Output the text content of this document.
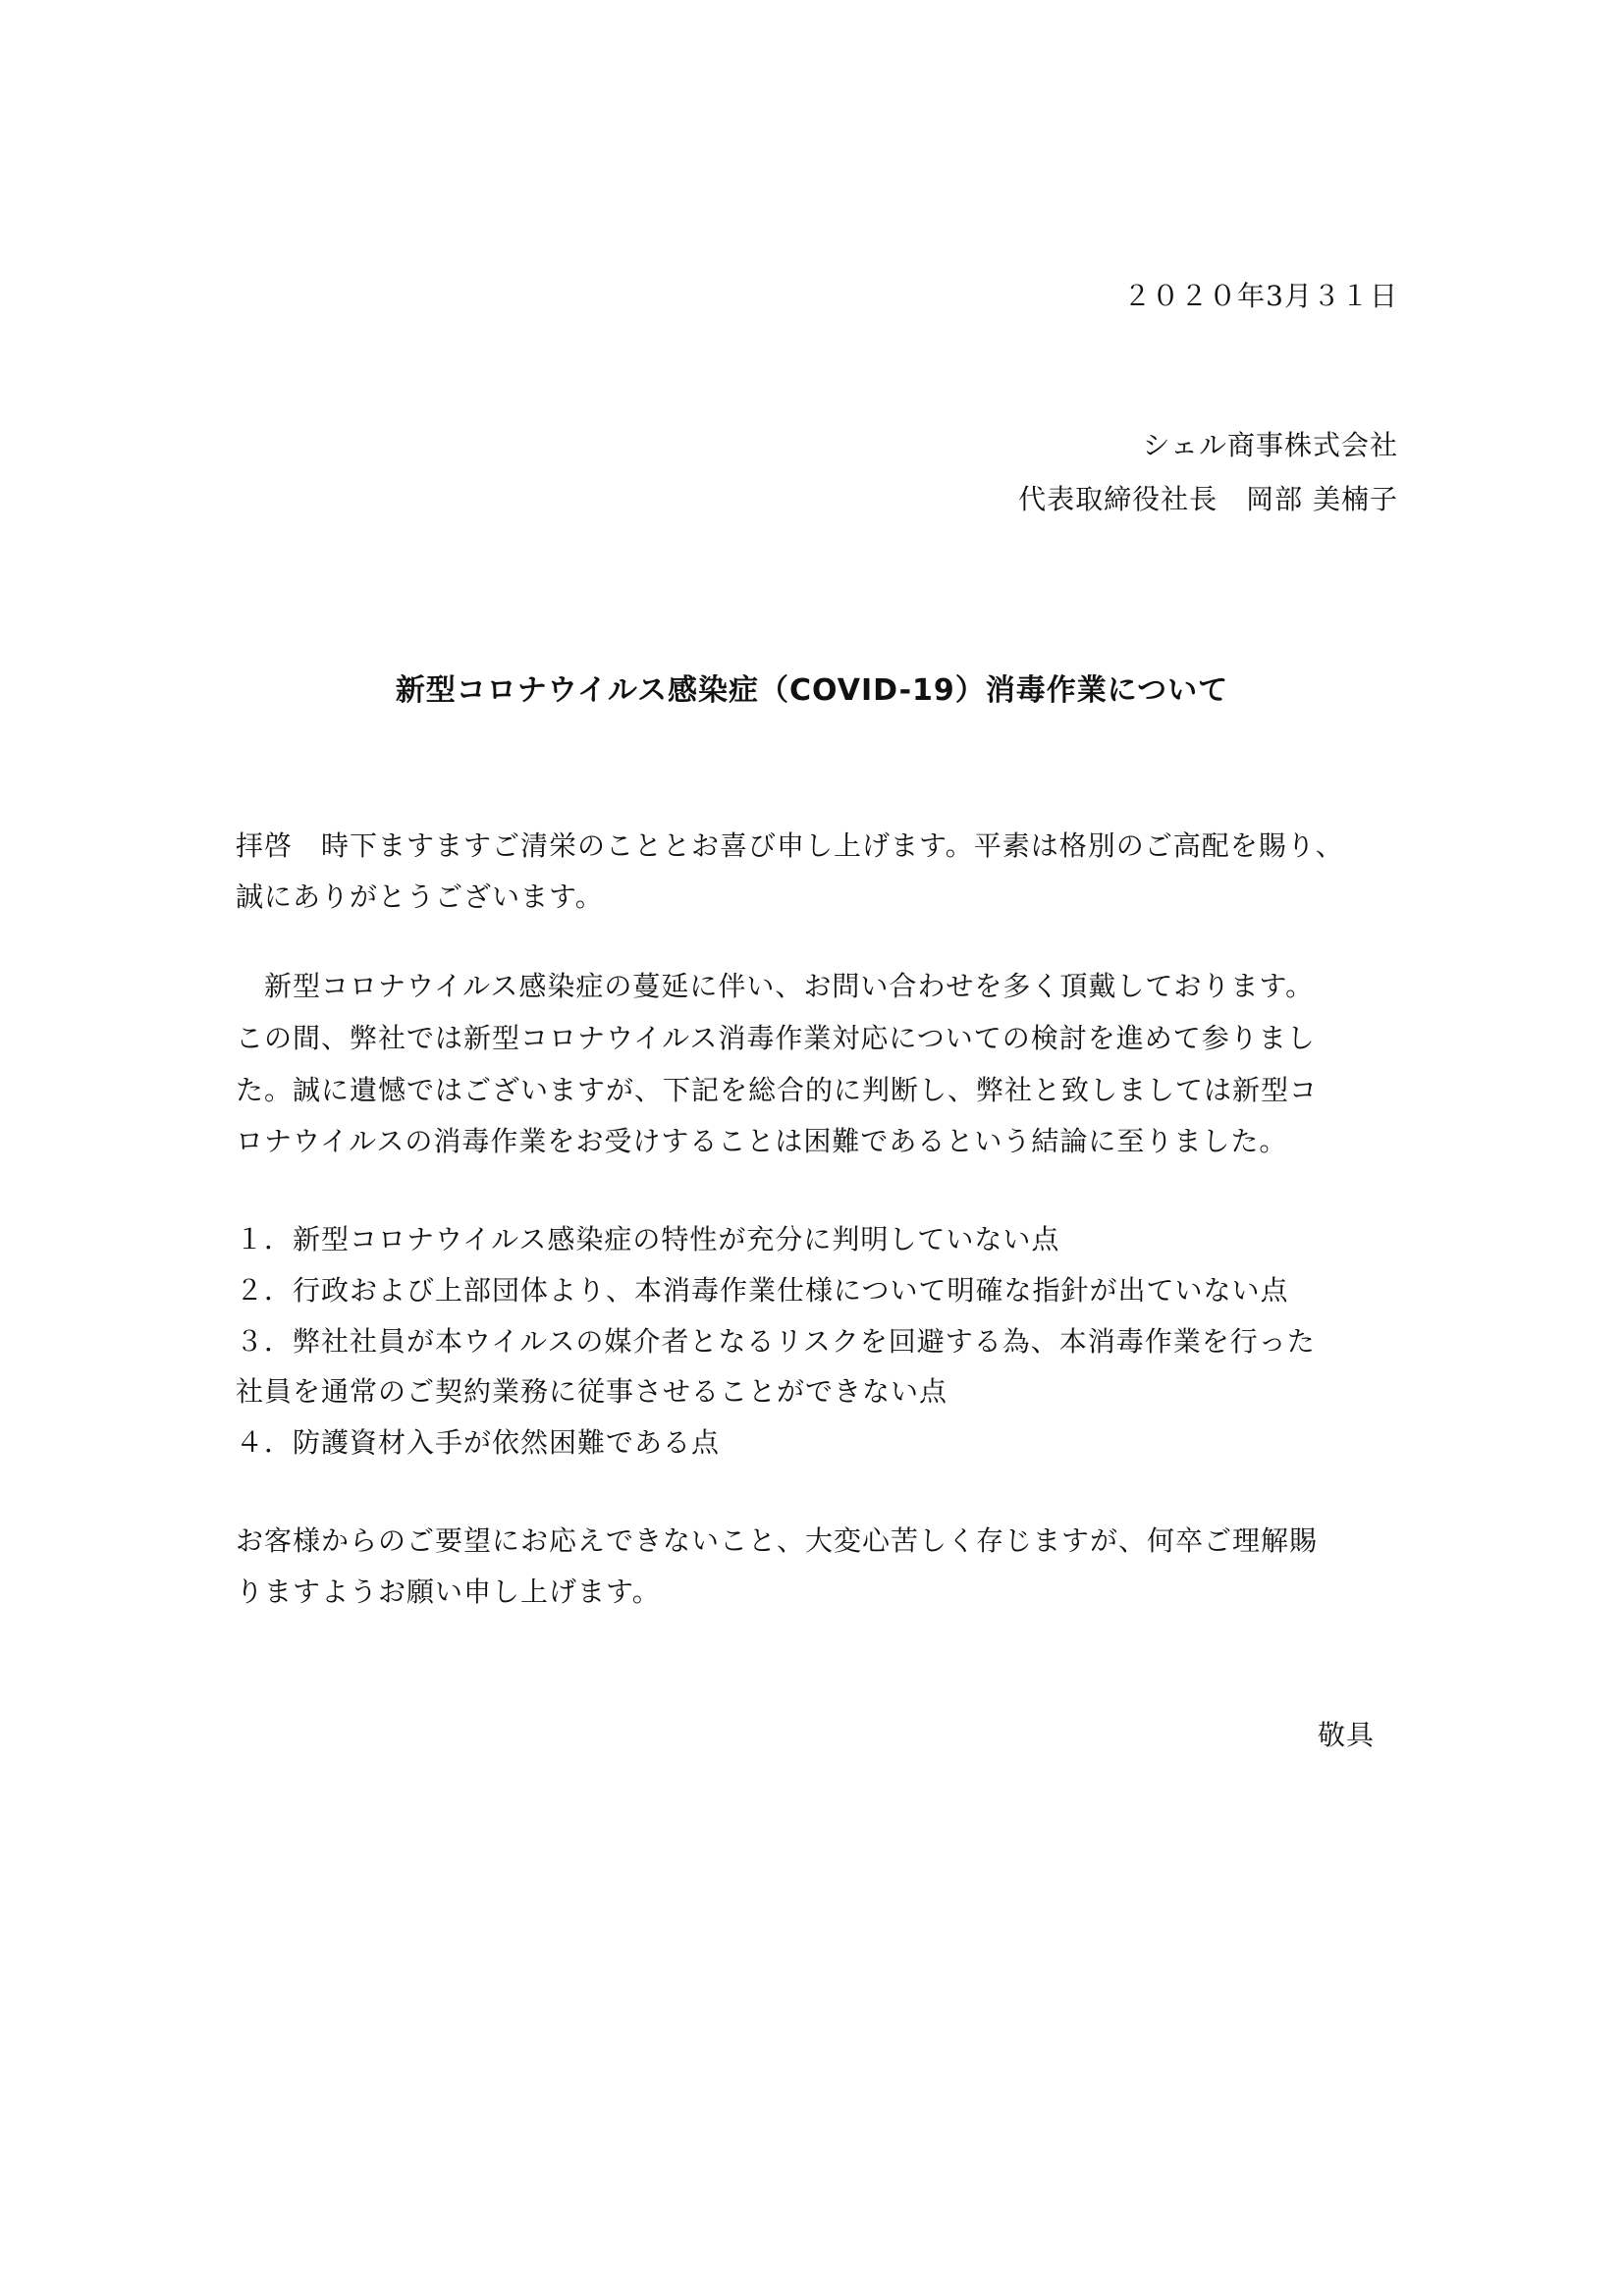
２０２０年3月３１日
シェル商事株式会社
代表取締役社長　岡部 美楠子
新型コロナウイルス感染症（COVID-19）消毒作業について
拝啓　時下ますますご清栄のこととお喜び申し上げます。平素は格別のご高配を賜り、
誠にありがとうございます。
　新型コロナウイルス感染症の蔓延に伴い、お問い合わせを多く頂戴しております。
この間、弊社では新型コロナウイルス消毒作業対応についての検討を進めて参りまし
た。誠に遺憾ではございますが、下記を総合的に判断し、弊社と致しましては新型コ
ロナウイルスの消毒作業をお受けすることは困難であるという結論に至りました。
１．新型コロナウイルス感染症の特性が充分に判明していない点
２．行政および上部団体より、本消毒作業仕様について明確な指針が出ていない点
３．弊社社員が本ウイルスの媒介者となるリスクを回避する為、本消毒作業を行った
社員を通常のご契約業務に従事させることができない点
４．防護資材入手が依然困難である点
お客様からのご要望にお応えできないこと、大変心苦しく存じますが、何卒ご理解賜
りますようお願い申し上げます。
敬具
